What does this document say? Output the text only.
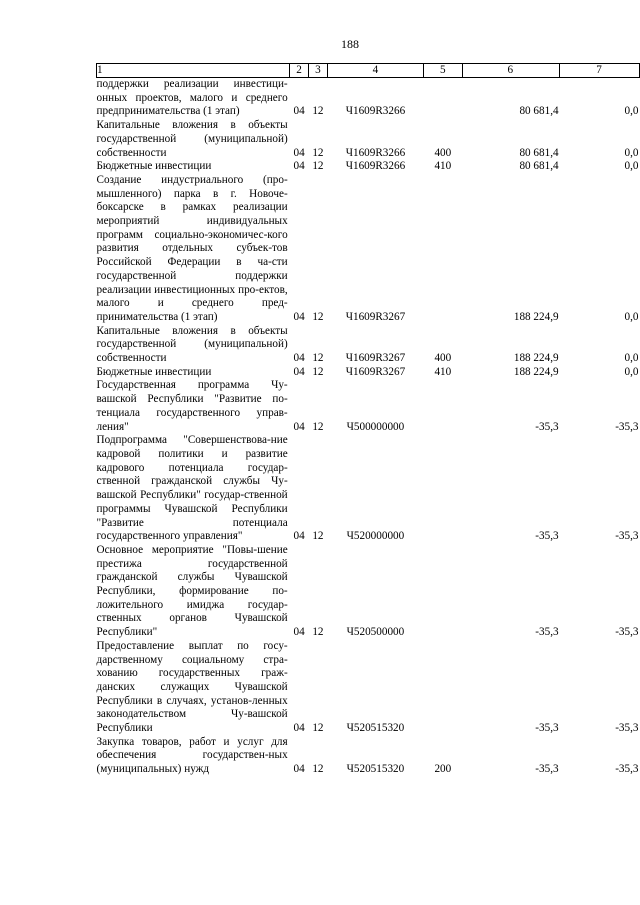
188
1	2	3	4	5	6	7
поддержки реализации инвестици-онных проектов, малого и среднего предпринимательства (1 этап)	04	12	Ч1609R3266		80 681,4	0,0
Капитальные вложения в объекты государственной (муниципальной) собственности	04	12	Ч1609R3266	400	80 681,4	0,0
Бюджетные инвестиции	04	12	Ч1609R3266	410	80 681,4	0,0
Создание индустриального (про-мышленного) парка в г. Новоче-боксарске в рамках реализации мероприятий индивидуальных программ социально-экономичес-кого развития отдельных субъек-тов Российской Федерации в ча-сти государственной поддержки реализации инвестиционных про-ектов, малого и среднего пред-принимательства (1 этап)	04	12	Ч1609R3267		188 224,9	0,0
Капитальные вложения в объекты государственной (муниципальной) собственности	04	12	Ч1609R3267	400	188 224,9	0,0
Бюджетные инвестиции	04	12	Ч1609R3267	410	188 224,9	0,0
Государственная программа Чу-вашской Республики "Развитие по-тенциала государственного управ-ления"	04	12	Ч500000000		-35,3	-35,3
Подпрограмма "Совершенствова-ние кадровой политики и развитие кадрового потенциала государ-ственной гражданской службы Чу-вашской Республики" государ-ственной программы Чувашской Республики "Развитие потенциала государственного управления"	04	12	Ч520000000		-35,3	-35,3
Основное мероприятие "Повы-шение престижа государственной гражданской службы Чувашской Республики, формирование по-ложительного имиджа государ-ственных органов Чувашской Республики"	04	12	Ч520500000		-35,3	-35,3
Предоставление выплат по госу-дарственному социальному стра-хованию государственных граж-данских служащих Чувашской Республики в случаях, установ-ленных законодательством Чу-вашской Республики	04	12	Ч520515320		-35,3	-35,3
Закупка товаров, работ и услуг для обеспечения государствен-ных (муниципальных) нужд	04	12	Ч520515320	200	-35,3	-35,3
